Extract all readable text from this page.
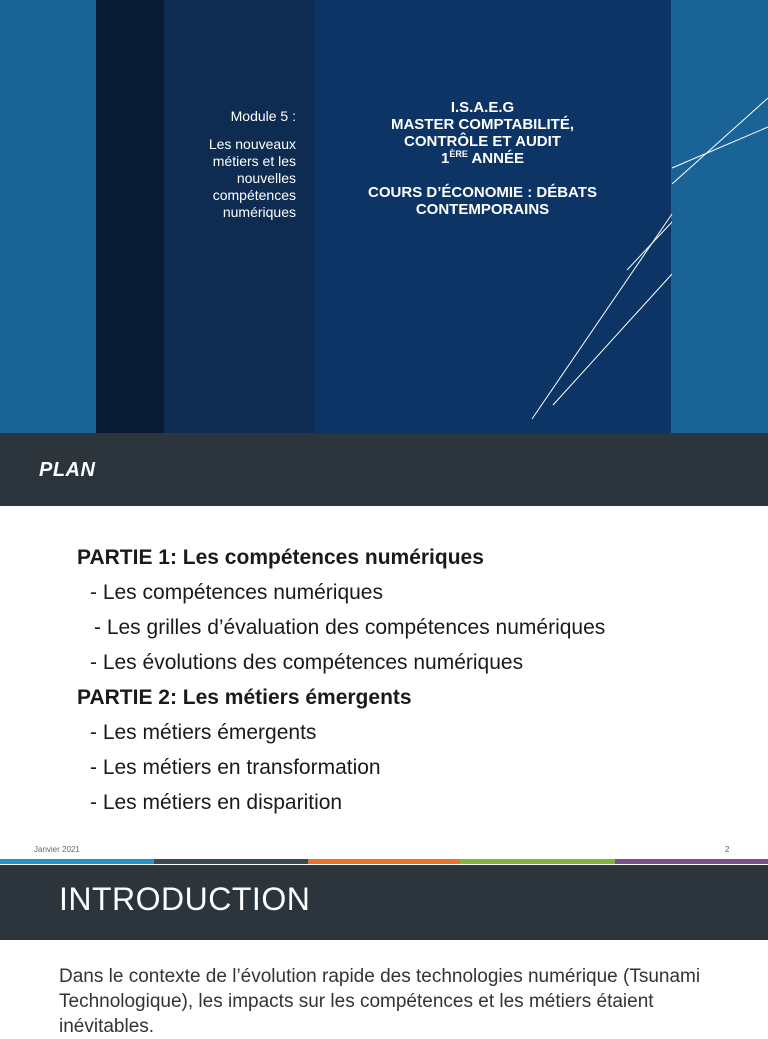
Module 5 :
Les nouveaux métiers et les nouvelles compétences numériques
I.S.A.E.G
MASTER COMPTABILITÉ,
CONTRÔLE ET AUDIT
1ÈRE ANNÉE
COURS D’ÉCONOMIE : DÉBATS
CONTEMPORAINS
PLAN
PARTIE 1: Les compétences numériques
- Les compétences numériques
- Les grilles d’évaluation des compétences numériques
- Les évolutions des compétences numériques
PARTIE 2: Les métiers émergents
- Les métiers émergents
- Les métiers en transformation
- Les métiers en disparition
Janvier 2021	2
INTRODUCTION

Dans le contexte de l’évolution rapide des technologies numérique (Tsunami Technologique), les impacts sur les compétences et les métiers étaient inévitables.
